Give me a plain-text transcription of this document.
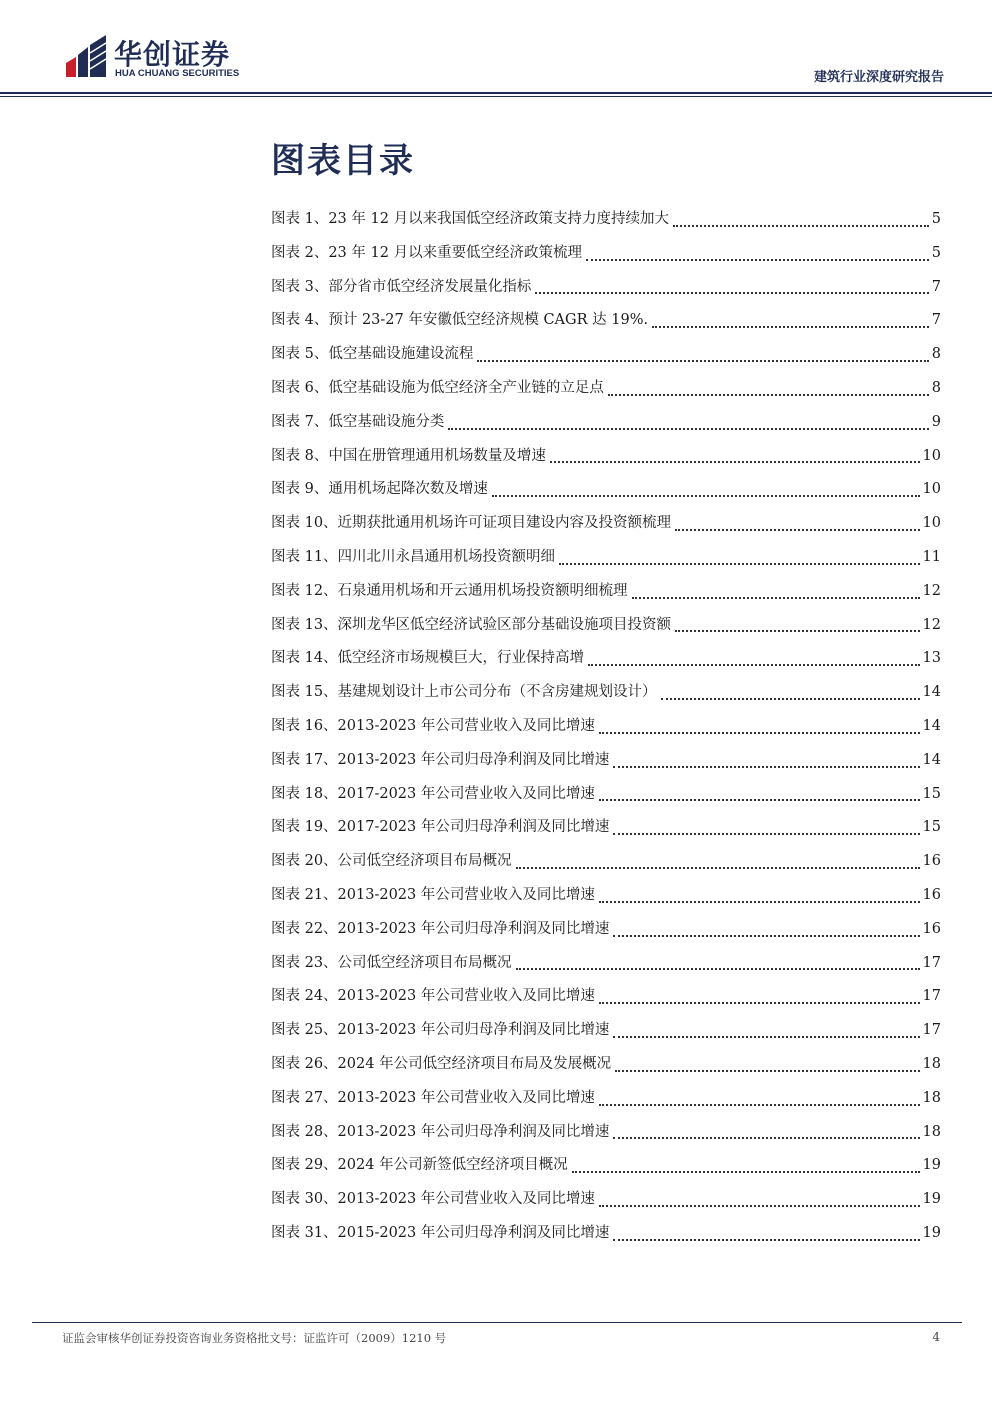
华创证券
HUA CHUANG SECURITIES	建筑行业深度研究报告
图表目录
图表 1、23 年 12 月以来我国低空经济政策支持力度持续加大	5
图表 2、23 年 12 月以来重要低空经济政策梳理	5
图表 3、部分省市低空经济发展量化指标	7
图表 4、预计 23-27 年安徽低空经济规模 CAGR 达 19%.	7
图表 5、低空基础设施建设流程	8
图表 6、低空基础设施为低空经济全产业链的立足点	8
图表 7、低空基础设施分类	9
图表 8、中国在册管理通用机场数量及增速	10
图表 9、通用机场起降次数及增速	10
图表 10、近期获批通用机场许可证项目建设内容及投资额梳理	10
图表 11、四川北川永昌通用机场投资额明细	11
图表 12、石泉通用机场和开云通用机场投资额明细梳理	12
图表 13、深圳龙华区低空经济试验区部分基础设施项目投资额	12
图表 14、低空经济市场规模巨大，行业保持高增	13
图表 15、基建规划设计上市公司分布（不含房建规划设计）	14
图表 16、2013-2023 年公司营业收入及同比增速	14
图表 17、2013-2023 年公司归母净利润及同比增速	14
图表 18、2017-2023 年公司营业收入及同比增速	15
图表 19、2017-2023 年公司归母净利润及同比增速	15
图表 20、公司低空经济项目布局概况	16
图表 21、2013-2023 年公司营业收入及同比增速	16
图表 22、2013-2023 年公司归母净利润及同比增速	16
图表 23、公司低空经济项目布局概况	17
图表 24、2013-2023 年公司营业收入及同比增速	17
图表 25、2013-2023 年公司归母净利润及同比增速	17
图表 26、2024 年公司低空经济项目布局及发展概况	18
图表 27、2013-2023 年公司营业收入及同比增速	18
图表 28、2013-2023 年公司归母净利润及同比增速	18
图表 29、2024 年公司新签低空经济项目概况	19
图表 30、2013-2023 年公司营业收入及同比增速	19
图表 31、2015-2023 年公司归母净利润及同比增速	19
证监会审核华创证券投资咨询业务资格批文号：证监许可（2009）1210 号	4
